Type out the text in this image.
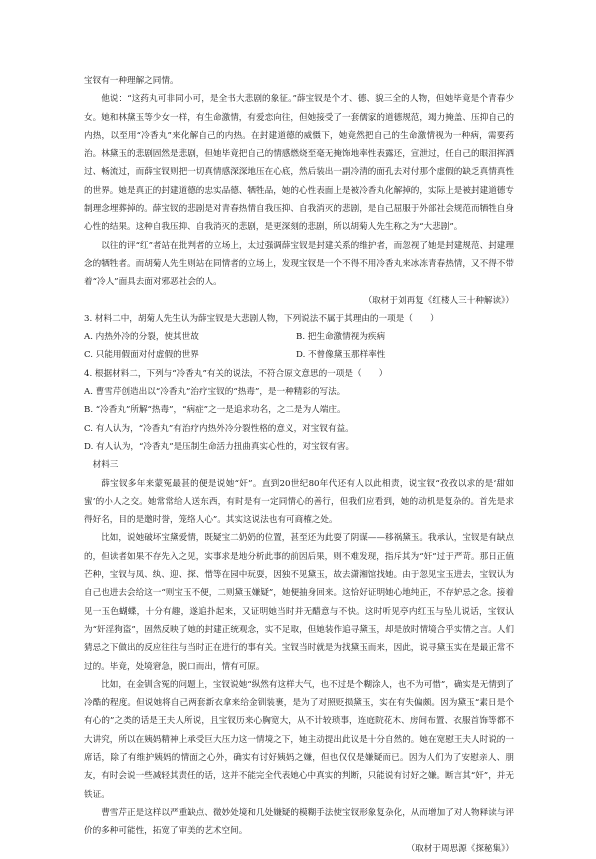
宝钗有一种理解之同情。

他说：“这药丸可非同小可，是全书大悲剧的象征。”薛宝钗是个才、德、貌三全的人物，但她毕竟是个青春少女。她和林黛玉等少女一样，有生命激情，有爱恋向往，但她接受了一套儒家的道德规范，竭力掩盖、压抑自己的内热，以至用“冷香丸”来化解自己的内热。在封建道德的威慑下，她竟然把自己的生命激情视为一种病，需要药治。林黛玉的悲剧固然是悲剧，但她毕竟把自己的情感燃烧至毫无掩饰地率性表露还，宣泄过，任自己的眼泪挥洒过、畅流过，而薛宝钗则把一切真情感深深地压在心底，然后装出一副冷清的面孔去对付那个虚假的缺乏真情真性的世界。她是真正的封建道德的忠实品德、牺牲品，她的心性表面上是被冷香丸化解掉的，实际上是被封建道德专制理念埋葬掉的。薛宝钗的悲剧是对青春热情自我压抑、自我消灭的悲剧，是自己屈服于外部社会规范而牺牲自身心性的结果。这种自我压抑、自我消灭的悲剧，是更深刻的悲剧，所以胡菊人先生称之为“大悲剧”。

以往的评“红”者站在批判者的立场上，太过强调薛宝钗是封建关系的维护者，而忽视了她是封建规范、封建理念的牺牲者。而胡菊人先生则站在同情者的立场上，发现宝钗是一个不得不用冷香丸来冰冻青春热情，又不得不带着“冷人”面具去面对邪恶社会的人。

（取材于刘再复《红楼人三十种解读》）

3. 材料二中，胡菊人先生认为薛宝钗是大悲剧人物，下列说法不属于其理由的一项是（　　）

A. 内热外冷的分裂，使其世故	B. 把生命激情视为疾病
C. 只能用假面对付虚假的世界	D. 不曾像黛玉那样率性

4. 根据材料二，下列与“冷香丸”有关的说法，不符合原文意思的一项是（　　）

A. 曹雪芹创造出以“冷香丸”治疗宝钗的“热毒”，是一种精彩的写法。

B. “冷香丸”所解“热毒”，“病症”之一是追求功名，之二是为人端庄。

C. 有人认为，“冷香丸”有治疗内热外冷分裂性格的意义，对宝钗有益。

D. 有人认为，“冷香丸”是压制生命活力扭曲真实心性的，对宝钗有害。

材料三

薛宝钗多年来蒙冤最甚的便是说她“奸”。直到20世纪80年代还有人以此相责，说宝钗“孜孜以求的是‘甜如蜜’的小人之交。她常常给人送东西，有时是有一定同情心的善行，但我们应看到，她的动机是复杂的。首先是求得好名，目的是邀时誉，笼络人心”。其实这说法也有可商榷之处。

比如，说她破坏宝黛爱情，既疑宝二奶奶的位置，甚至还为此耍了阴谋——移祸黛玉。我承认，宝钗是有缺点的，但读者如果不存先入之见，实事求是地分析此事的前因后果，则不难发现，指斥其为“奸”过于严苛。那日正值芒种，宝钗与凤、纨、迎、探、惜等在园中玩耍，因独不见黛玉，故去潇湘馆找她。由于忽见宝玉进去，宝钗认为自己也进去会给这一“则宝玉不便，二则黛玉嫌疑”，她便抽身回来。这恰好证明她心地纯正，不存妒忌之念。接着见一玉色蝴蝶，十分有趣，遂追扑起来，又证明她当时并无醋意与不快。这时听见亭内红玉与坠儿说话，宝钗认为“奸淫狗盗”，固然反映了她的封建正统观念，实不足取，但她装作追寻黛玉，却是放时情境合乎实情之言。人们猜忌之下做出的反应往往与当时正在进行的事有关。宝钗当时就是为找黛玉而来，因此，说寻黛玉实在是最正常不过的。毕竟，处境窘急，脱口而出，情有可原。

比如，在金钏含冤的问题上，宝钗说她“纵然有这样大气，也不过是个糊涂人，也不为可惜”，确实是无情到了冷酷的程度。但说她将自己两套新衣拿来给金钏装裹，是为了对照贬损黛玉，实在有失偏颇。因为黛玉“素日是个有心的”之类的话是王夫人所说，且宝钗历来心胸宽大，从不计较琐事，连庭院花木、房间布置、衣服首饰等都不大讲究，所以在姨妈精神上承受巨大压力这一情境之下，她主动提出此议是十分自然的。她在宽慰王夫人时说的一席话，除了有维护姨妈的情面之心外，确实有讨好姨妈之嫌，但也仅仅是嫌疑而已。因为人们为了安慰亲人、朋友，有时会说一些减轻其责任的话，这并不能完全代表她心中真实的判断，只能说有讨好之嫌。断言其“奸”，并无铁证。

曹雪芹正是这样以严重缺点、微妙处境和几处嫌疑的模糊手法使宝钗形象复杂化，从而增加了对人物释读与评价的多种可能性，拓宽了审美的艺术空间。

（取材于周思源《探秘集》）
